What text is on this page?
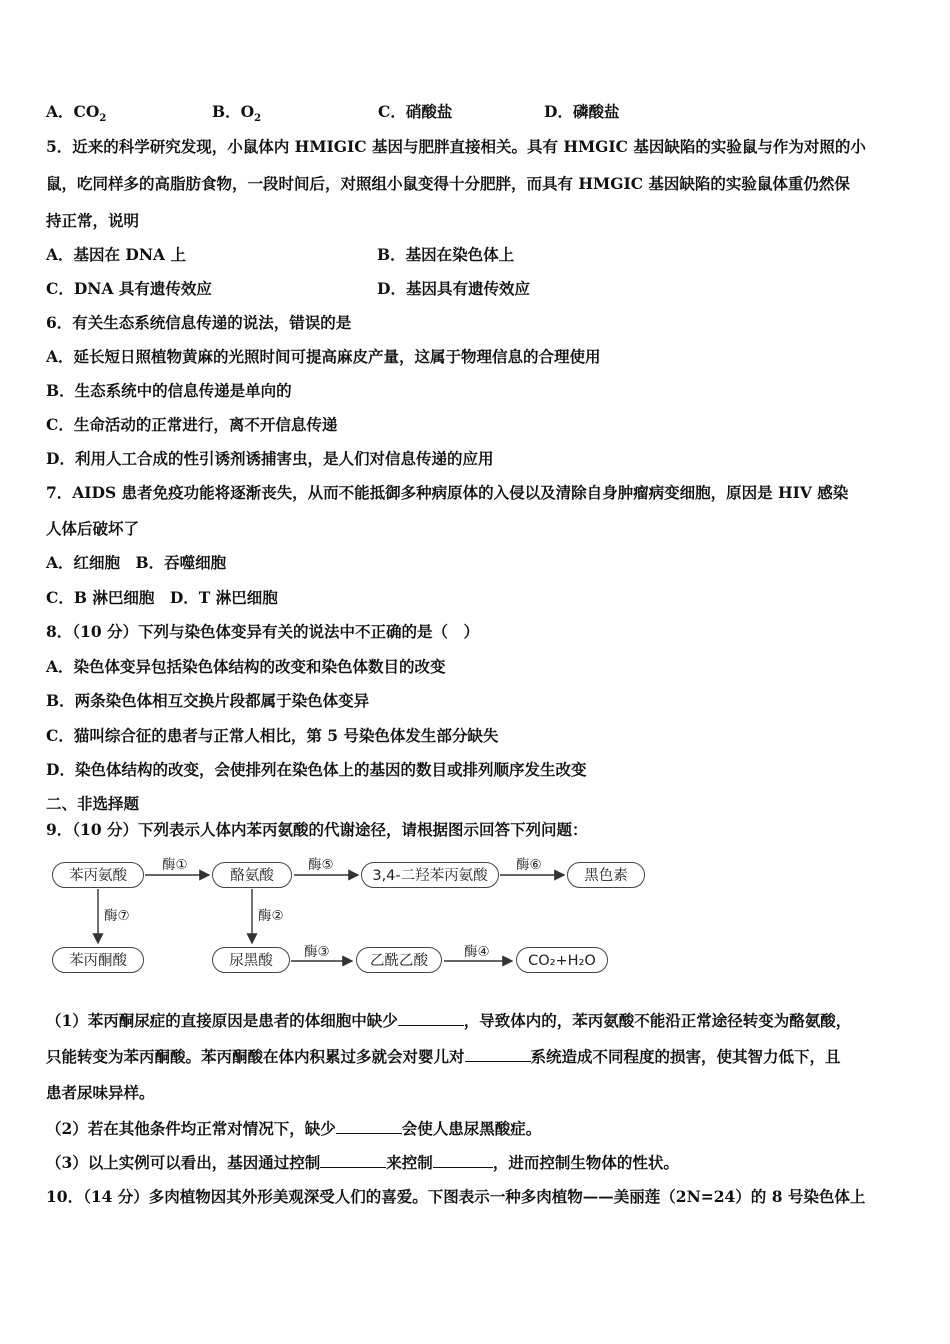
A．$CO_2$	B．$O_2$	C．硝酸盐	D．磷酸盐
5．近来的科学研究发现，小鼠体内 HMIGIC 基因与肥胖直接相关。具有 HMGIC 基因缺陷的实验鼠与作为对照的小
鼠，吃同样多的高脂肪食物，一段时间后，对照组小鼠变得十分肥胖，而具有 HMGIC 基因缺陷的实验鼠体重仍然保
持正常，说明
A．基因在 DNA 上	B．基因在染色体上
C．DNA 具有遗传效应	D．基因具有遗传效应
6．有关生态系统信息传递的说法，错误的是
A．延长短日照植物黄麻的光照时间可提高麻皮产量，这属于物理信息的合理使用
B．生态系统中的信息传递是单向的
C．生命活动的正常进行，离不开信息传递
D．利用人工合成的性引诱剂诱捕害虫，是人们对信息传递的应用
7．AIDS 患者免疫功能将逐渐丧失，从而不能抵御多种病原体的入侵以及清除自身肿瘤病变细胞，原因是 HIV 感染
人体后破坏了
A．红细胞　B．吞噬细胞
C．B 淋巴细胞　D．T 淋巴细胞
8．（10 分）下列与染色体变异有关的说法中不正确的是（　）
A．染色体变异包括染色体结构的改变和染色体数目的改变
B．两条染色体相互交换片段都属于染色体变异
C．猫叫综合征的患者与正常人相比，第 5 号染色体发生部分缺失
D．染色体结构的改变，会使排列在染色体上的基因的数目或排列顺序发生改变
二、非选择题
9．（10 分）下列表示人体内苯丙氨酸的代谢途径，请根据图示回答下列问题：
苯丙氨酸	酪氨酸	3,4-二羟苯丙氨酸	黑色素
苯丙酮酸	尿黑酸	乙酰乙酸	CO₂+H₂O
酶①	酶⑤	酶⑥
酶⑦	酶②
酶③	酶④
（1）苯丙酮尿症的直接原因是患者的体细胞中缺少	，导致体内的，苯丙氨酸不能沿正常途径转变为酪氨酸，
只能转变为苯丙酮酸。苯丙酮酸在体内积累过多就会对婴儿对	系统造成不同程度的损害，使其智力低下，且
患者尿味异样。
（2）若在其他条件均正常对情况下，缺少	会使人患尿黑酸症。
（3）以上实例可以看出，基因通过控制	来控制	，进而控制生物体的性状。
10．（14 分）多肉植物因其外形美观深受人们的喜爱。下图表示一种多肉植物——美丽莲（2N=24）的 8 号染色体上
